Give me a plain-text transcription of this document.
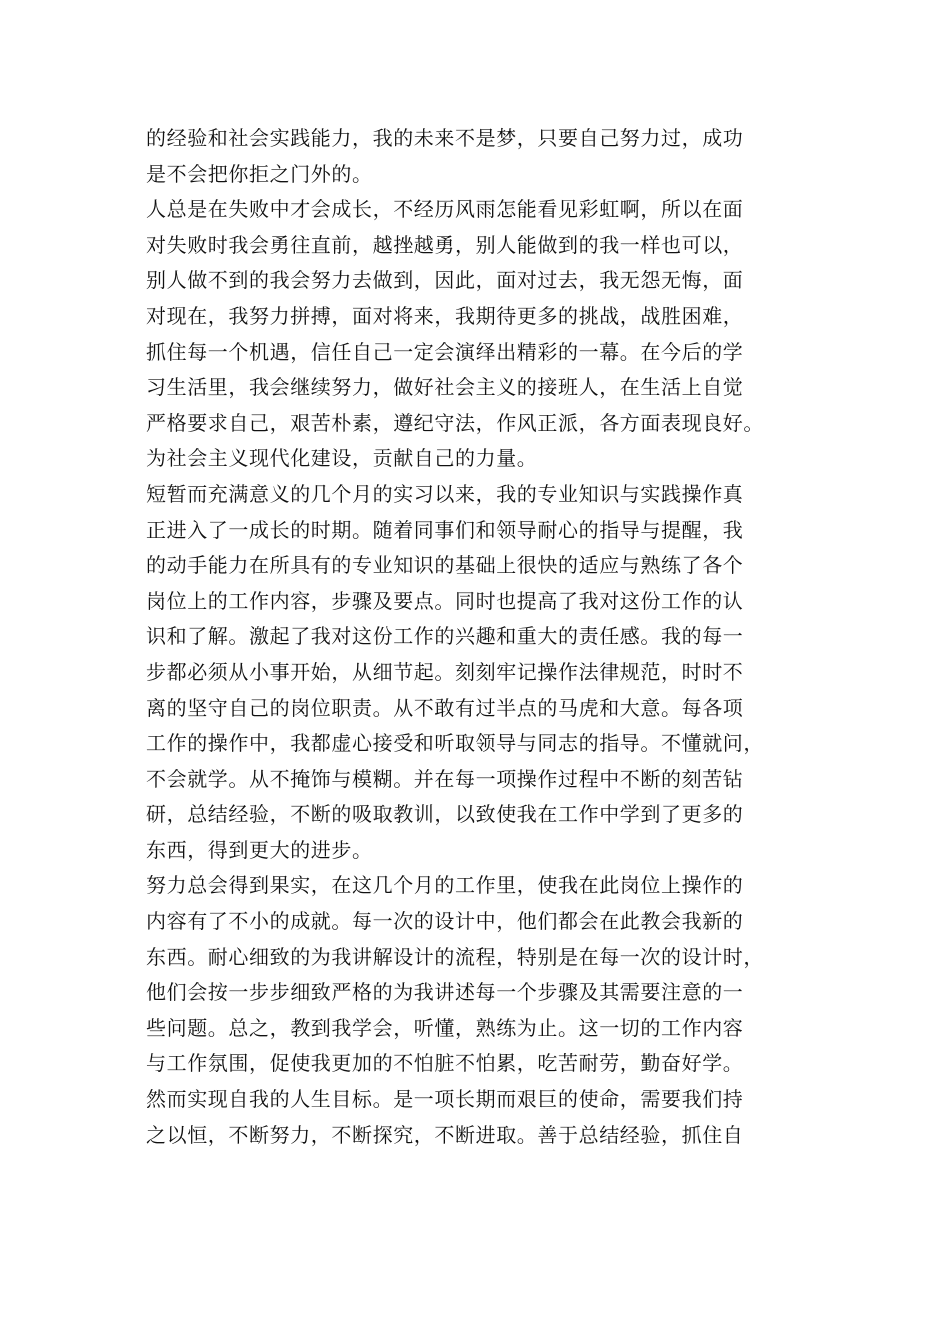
的经验和社会实践能力，我的未来不是梦，只要自己努力过，成功
是不会把你拒之门外的。
人总是在失败中才会成长，不经历风雨怎能看见彩虹啊，所以在面
对失败时我会勇往直前，越挫越勇，别人能做到的我一样也可以，
别人做不到的我会努力去做到，因此，面对过去，我无怨无悔，面
对现在，我努力拼搏，面对将来，我期待更多的挑战，战胜困难，
抓住每一个机遇，信任自己一定会演绎出精彩的一幕。在今后的学
习生活里，我会继续努力，做好社会主义的接班人，在生活上自觉
严格要求自己，艰苦朴素，遵纪守法，作风正派，各方面表现良好。
为社会主义现代化建设，贡献自己的力量。
短暂而充满意义的几个月的实习以来，我的专业知识与实践操作真
正进入了一成长的时期。随着同事们和领导耐心的指导与提醒，我
的动手能力在所具有的专业知识的基础上很快的适应与熟练了各个
岗位上的工作内容，步骤及要点。同时也提高了我对这份工作的认
识和了解。激起了我对这份工作的兴趣和重大的责任感。我的每一
步都必须从小事开始，从细节起。刻刻牢记操作法律规范，时时不
离的坚守自己的岗位职责。从不敢有过半点的马虎和大意。每各项
工作的操作中，我都虚心接受和听取领导与同志的指导。不懂就问，
不会就学。从不掩饰与模糊。并在每一项操作过程中不断的刻苦钻
研，总结经验，不断的吸取教训，以致使我在工作中学到了更多的
东西，得到更大的进步。
努力总会得到果实，在这几个月的工作里，使我在此岗位上操作的
内容有了不小的成就。每一次的设计中，他们都会在此教会我新的
东西。耐心细致的为我讲解设计的流程，特别是在每一次的设计时，
他们会按一步步细致严格的为我讲述每一个步骤及其需要注意的一
些问题。总之，教到我学会，听懂，熟练为止。这一切的工作内容
与工作氛围，促使我更加的不怕脏不怕累，吃苦耐劳，勤奋好学。
然而实现自我的人生目标。是一项长期而艰巨的使命，需要我们持
之以恒，不断努力，不断探究，不断进取。善于总结经验，抓住自
